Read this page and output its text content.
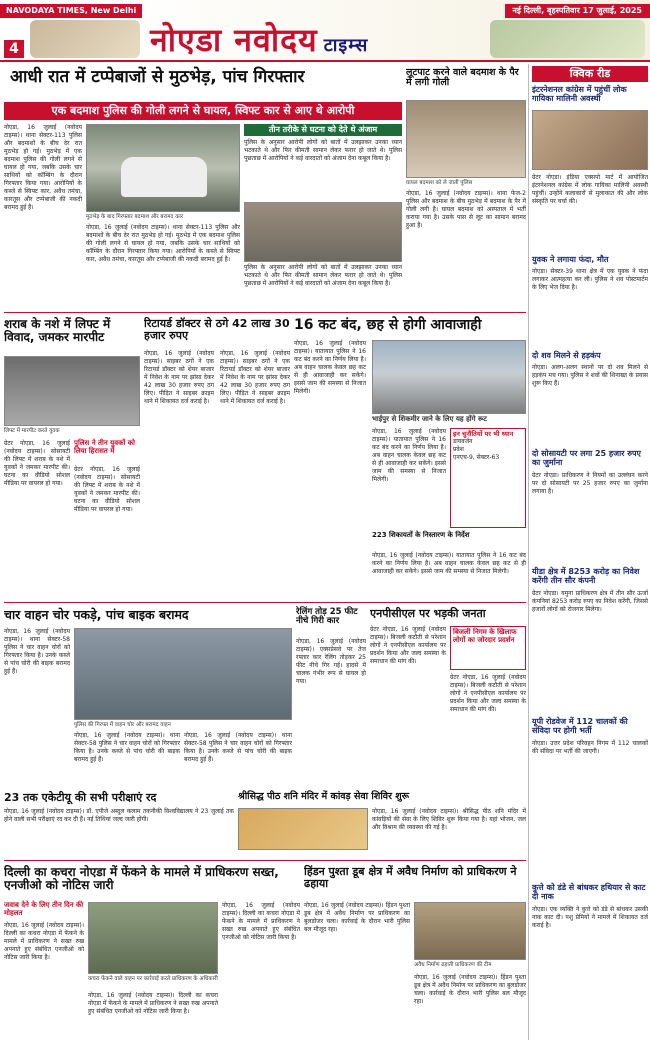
NAVODAYA TIMES, New Delhi	नई दिल्ली, बृहस्पतिवार 17 जुलाई, 2025
4	नोएडा नवोदय टाइम्स
आधी रात में टप्पेबाजों से मुठभेड़, पांच गिरफ्तार
एक बदमाश पुलिस की गोली लगने से घायल, स्विफ्ट कार से आए थे आरोपी
नोएडा, 16 जुलाई (नवोदय टाइम्स)। थाना सेक्टर-113 पुलिस और बदमाशों के बीच देर रात मुठभेड़ हो गई। मुठभेड़ में एक बदमाश पुलिस की गोली लगने से घायल हो गया, जबकि उसके चार साथियों को कॉम्बिंग के दौरान गिरफ्तार किया गया। आरोपियों के कब्जे से स्विफ्ट कार, अवैध तमंचा, कारतूस और टप्पेबाजी की नकदी बरामद हुई है।
तीन तरीके से घटना को देते थे अंजाम
पुलिस के अनुसार आरोपी लोगों को बातों में उलझाकर उनका ध्यान भटकाते थे और फिर कीमती सामान लेकर फरार हो जाते थे। पुलिस पूछताछ में आरोपियों ने कई वारदातों को अंजाम देना कबूल किया है।
मुठभेड़ के बाद गिरफ्तार बदमाश और बरामद कार
नोएडा, 16 जुलाई (नवोदय टाइम्स)। थाना सेक्टर-113 पुलिस और बदमाशों के बीच देर रात मुठभेड़ हो गई। मुठभेड़ में एक बदमाश पुलिस की गोली लगने से घायल हो गया, जबकि उसके चार साथियों को कॉम्बिंग के दौरान गिरफ्तार किया गया। आरोपियों के कब्जे से स्विफ्ट कार, अवैध तमंचा, कारतूस और टप्पेबाजी की नकदी बरामद हुई है।
पुलिस के अनुसार आरोपी लोगों को बातों में उलझाकर उनका ध्यान भटकाते थे और फिर कीमती सामान लेकर फरार हो जाते थे। पुलिस पूछताछ में आरोपियों ने कई वारदातों को अंजाम देना कबूल किया है।
लूटपाट करने वाले बदमाश के पैर में लगी गोली
घायल बदमाश को ले जाती पुलिस
नोएडा, 16 जुलाई (नवोदय टाइम्स)। थाना फेज-2 पुलिस और बदमाश के बीच मुठभेड़ में बदमाश के पैर में गोली लगी है। घायल बदमाश को अस्पताल में भर्ती कराया गया है। उसके पास से लूट का सामान बरामद हुआ है।
क्विक रीड
इंटरनेशनल कांग्रेस में पहुंचीं लोक गायिका मालिनी अवस्थी
ग्रेटर नोएडा। इंडिया एक्सपो मार्ट में आयोजित इंटरनेशनल कांग्रेस में लोक गायिका मालिनी अवस्थी पहुंचीं। उन्होंने कलाकारों से मुलाकात की और लोक संस्कृति पर चर्चा की।
युवक ने लगाया फंदा, मौत
नोएडा। सेक्टर-39 थाना क्षेत्र में एक युवक ने फंदा लगाकर आत्महत्या कर ली। पुलिस ने शव पोस्टमार्टम के लिए भेज दिया है।
दो शव मिलने से हड़कंप
नोएडा। अलग-अलग स्थानों पर दो शव मिलने से हड़कंप मच गया। पुलिस ने शवों की शिनाख्त के प्रयास शुरू किए हैं।
दो सोसायटी पर लगा 25 हजार रुपए का जुर्माना
ग्रेटर नोएडा। प्राधिकरण ने नियमों का उल्लंघन करने पर दो सोसायटी पर 25 हजार रुपए का जुर्माना लगाया है।
यीडा क्षेत्र में 8253 करोड़ का निवेश करेंगी तीन सौर कंपनी
ग्रेटर नोएडा। यमुना प्राधिकरण क्षेत्र में तीन सौर ऊर्जा कंपनियां 8253 करोड़ रुपए का निवेश करेंगी, जिससे हजारों लोगों को रोजगार मिलेगा।
यूपी रोडवेज में 112 चालकों की संविदा पर होगी भर्ती
नोएडा। उत्तर प्रदेश परिवहन निगम में 112 चालकों की संविदा पर भर्ती की जाएगी।
कुत्ते को डंडे से बांधकर हथियार से काट दी नाक
नोएडा। एक व्यक्ति ने कुत्ते को डंडे से बांधकर उसकी नाक काट दी। पशु प्रेमियों ने मामले में शिकायत दर्ज कराई है।
शराब के नशे में लिफ्ट में विवाद, जमकर मारपीट
लिफ्ट में मारपीट करते युवक
ग्रेटर नोएडा, 16 जुलाई (नवोदय टाइम्स)। सोसायटी की लिफ्ट में शराब के नशे में युवकों ने जमकर मारपीट की। घटना का वीडियो सोशल मीडिया पर वायरल हो गया।
पुलिस ने तीन युवकों को लिया हिरासत में
ग्रेटर नोएडा, 16 जुलाई (नवोदय टाइम्स)। सोसायटी की लिफ्ट में शराब के नशे में युवकों ने जमकर मारपीट की। घटना का वीडियो सोशल मीडिया पर वायरल हो गया।
रिटायर्ड डॉक्टर से ठगे 42 लाख 30 हजार रुपए
नोएडा, 16 जुलाई (नवोदय टाइम्स)। साइबर ठगों ने एक रिटायर्ड डॉक्टर को शेयर बाजार में निवेश के नाम पर झांसा देकर 42 लाख 30 हजार रुपए ठग लिए। पीड़ित ने साइबर क्राइम थाने में शिकायत दर्ज कराई है।
नोएडा, 16 जुलाई (नवोदय टाइम्स)। साइबर ठगों ने एक रिटायर्ड डॉक्टर को शेयर बाजार में निवेश के नाम पर झांसा देकर 42 लाख 30 हजार रुपए ठग लिए। पीड़ित ने साइबर क्राइम थाने में शिकायत दर्ज कराई है।
16 कट बंद, छह से होगी आवाजाही
नोएडा, 16 जुलाई (नवोदय टाइम्स)। यातायात पुलिस ने 16 कट बंद करने का निर्णय लिया है। अब वाहन चालक केवल छह कट से ही आवाजाही कर सकेंगे। इससे जाम की समस्या से निजात मिलेगी।
भाईपुर से शिकमीर जाने के लिए यह होंगे रूट
नोएडा, 16 जुलाई (नवोदय टाइम्स)। यातायात पुलिस ने 16 कट बंद करने का निर्णय लिया है। अब वाहन चालक केवल छह कट से ही आवाजाही कर सकेंगे। इससे जाम की समस्या से निजात मिलेगी।
इन चुनौतियों पर भी ध्यान
डायवर्जन
प्रवेश
एनएच-9, सेक्टर-63
223 शिकायतों के निस्तारण के निर्देश
नोएडा, 16 जुलाई (नवोदय टाइम्स)। यातायात पुलिस ने 16 कट बंद करने का निर्णय लिया है। अब वाहन चालक केवल छह कट से ही आवाजाही कर सकेंगे। इससे जाम की समस्या से निजात मिलेगी।
चार वाहन चोर पकड़े, पांच बाइक बरामद
नोएडा, 16 जुलाई (नवोदय टाइम्स)। थाना सेक्टर-58 पुलिस ने चार वाहन चोरों को गिरफ्तार किया है। उनके कब्जे से पांच चोरी की बाइक बरामद हुई हैं।
पुलिस की गिरफ्त में वाहन चोर और बरामद वाहन
नोएडा, 16 जुलाई (नवोदय टाइम्स)। थाना सेक्टर-58 पुलिस ने चार वाहन चोरों को गिरफ्तार किया है। उनके कब्जे से पांच चोरी की बाइक बरामद हुई हैं।
नोएडा, 16 जुलाई (नवोदय टाइम्स)। थाना सेक्टर-58 पुलिस ने चार वाहन चोरों को गिरफ्तार किया है। उनके कब्जे से पांच चोरी की बाइक बरामद हुई हैं।
रेलिंग तोड़ 25 फीट नीचे गिरी कार
नोएडा, 16 जुलाई (नवोदय टाइम्स)। एक्सप्रेसवे पर तेज रफ्तार कार रेलिंग तोड़कर 25 फीट नीचे गिर गई। हादसे में चालक गंभीर रूप से घायल हो गया।
एनपीसीएल पर भड़की जनता
ग्रेटर नोएडा, 16 जुलाई (नवोदय टाइम्स)। बिजली कटौती से परेशान लोगों ने एनपीसीएल कार्यालय पर प्रदर्शन किया और जल्द समस्या के समाधान की मांग की।
बिजली निगम के खिलाफ लोगों का जोरदार प्रदर्शन
ग्रेटर नोएडा, 16 जुलाई (नवोदय टाइम्स)। बिजली कटौती से परेशान लोगों ने एनपीसीएल कार्यालय पर प्रदर्शन किया और जल्द समस्या के समाधान की मांग की।
23 तक एकेटीयू की सभी परीक्षाएं रद
नोएडा, 16 जुलाई (नवोदय टाइम्स)। डॉ. एपीजे अब्दुल कलाम तकनीकी विश्वविद्यालय ने 23 जुलाई तक होने वाली सभी परीक्षाएं रद कर दी हैं। नई तिथियां जल्द जारी होंगी।
श्रीसिद्ध पीठ शनि मंदिर में कांवड़ सेवा शिविर शुरू
नोएडा, 16 जुलाई (नवोदय टाइम्स)। श्रीसिद्ध पीठ शनि मंदिर में कांवड़ियों की सेवा के लिए शिविर शुरू किया गया है। यहां भोजन, जल और विश्राम की व्यवस्था की गई है।
दिल्ली का कचरा नोएडा में फेंकने के मामले में प्राधिकरण सख्त, एनजीओ को नोटिस जारी
जवाब देने के लिए तीन दिन की मोहलत
नोएडा, 16 जुलाई (नवोदय टाइम्स)। दिल्ली का कचरा नोएडा में फेंकने के मामले में प्राधिकरण ने सख्त रुख अपनाते हुए संबंधित एनजीओ को नोटिस जारी किया है।
कचरा फेंकने वाले वाहन पर कार्रवाई करते प्राधिकरण के अधिकारी
नोएडा, 16 जुलाई (नवोदय टाइम्स)। दिल्ली का कचरा नोएडा में फेंकने के मामले में प्राधिकरण ने सख्त रुख अपनाते हुए संबंधित एनजीओ को नोटिस जारी किया है।
नोएडा, 16 जुलाई (नवोदय टाइम्स)। दिल्ली का कचरा नोएडा में फेंकने के मामले में प्राधिकरण ने सख्त रुख अपनाते हुए संबंधित एनजीओ को नोटिस जारी किया है।
हिंडन पुश्ता डूब क्षेत्र में अवैध निर्माण को प्राधिकरण ने ढहाया
नोएडा, 16 जुलाई (नवोदय टाइम्स)। हिंडन पुश्ता डूब क्षेत्र में अवैध निर्माण पर प्राधिकरण का बुलडोजर चला। कार्रवाई के दौरान भारी पुलिस बल मौजूद रहा।
अवैध निर्माण ढहाती प्राधिकरण की टीम
नोएडा, 16 जुलाई (नवोदय टाइम्स)। हिंडन पुश्ता डूब क्षेत्र में अवैध निर्माण पर प्राधिकरण का बुलडोजर चला। कार्रवाई के दौरान भारी पुलिस बल मौजूद रहा।
